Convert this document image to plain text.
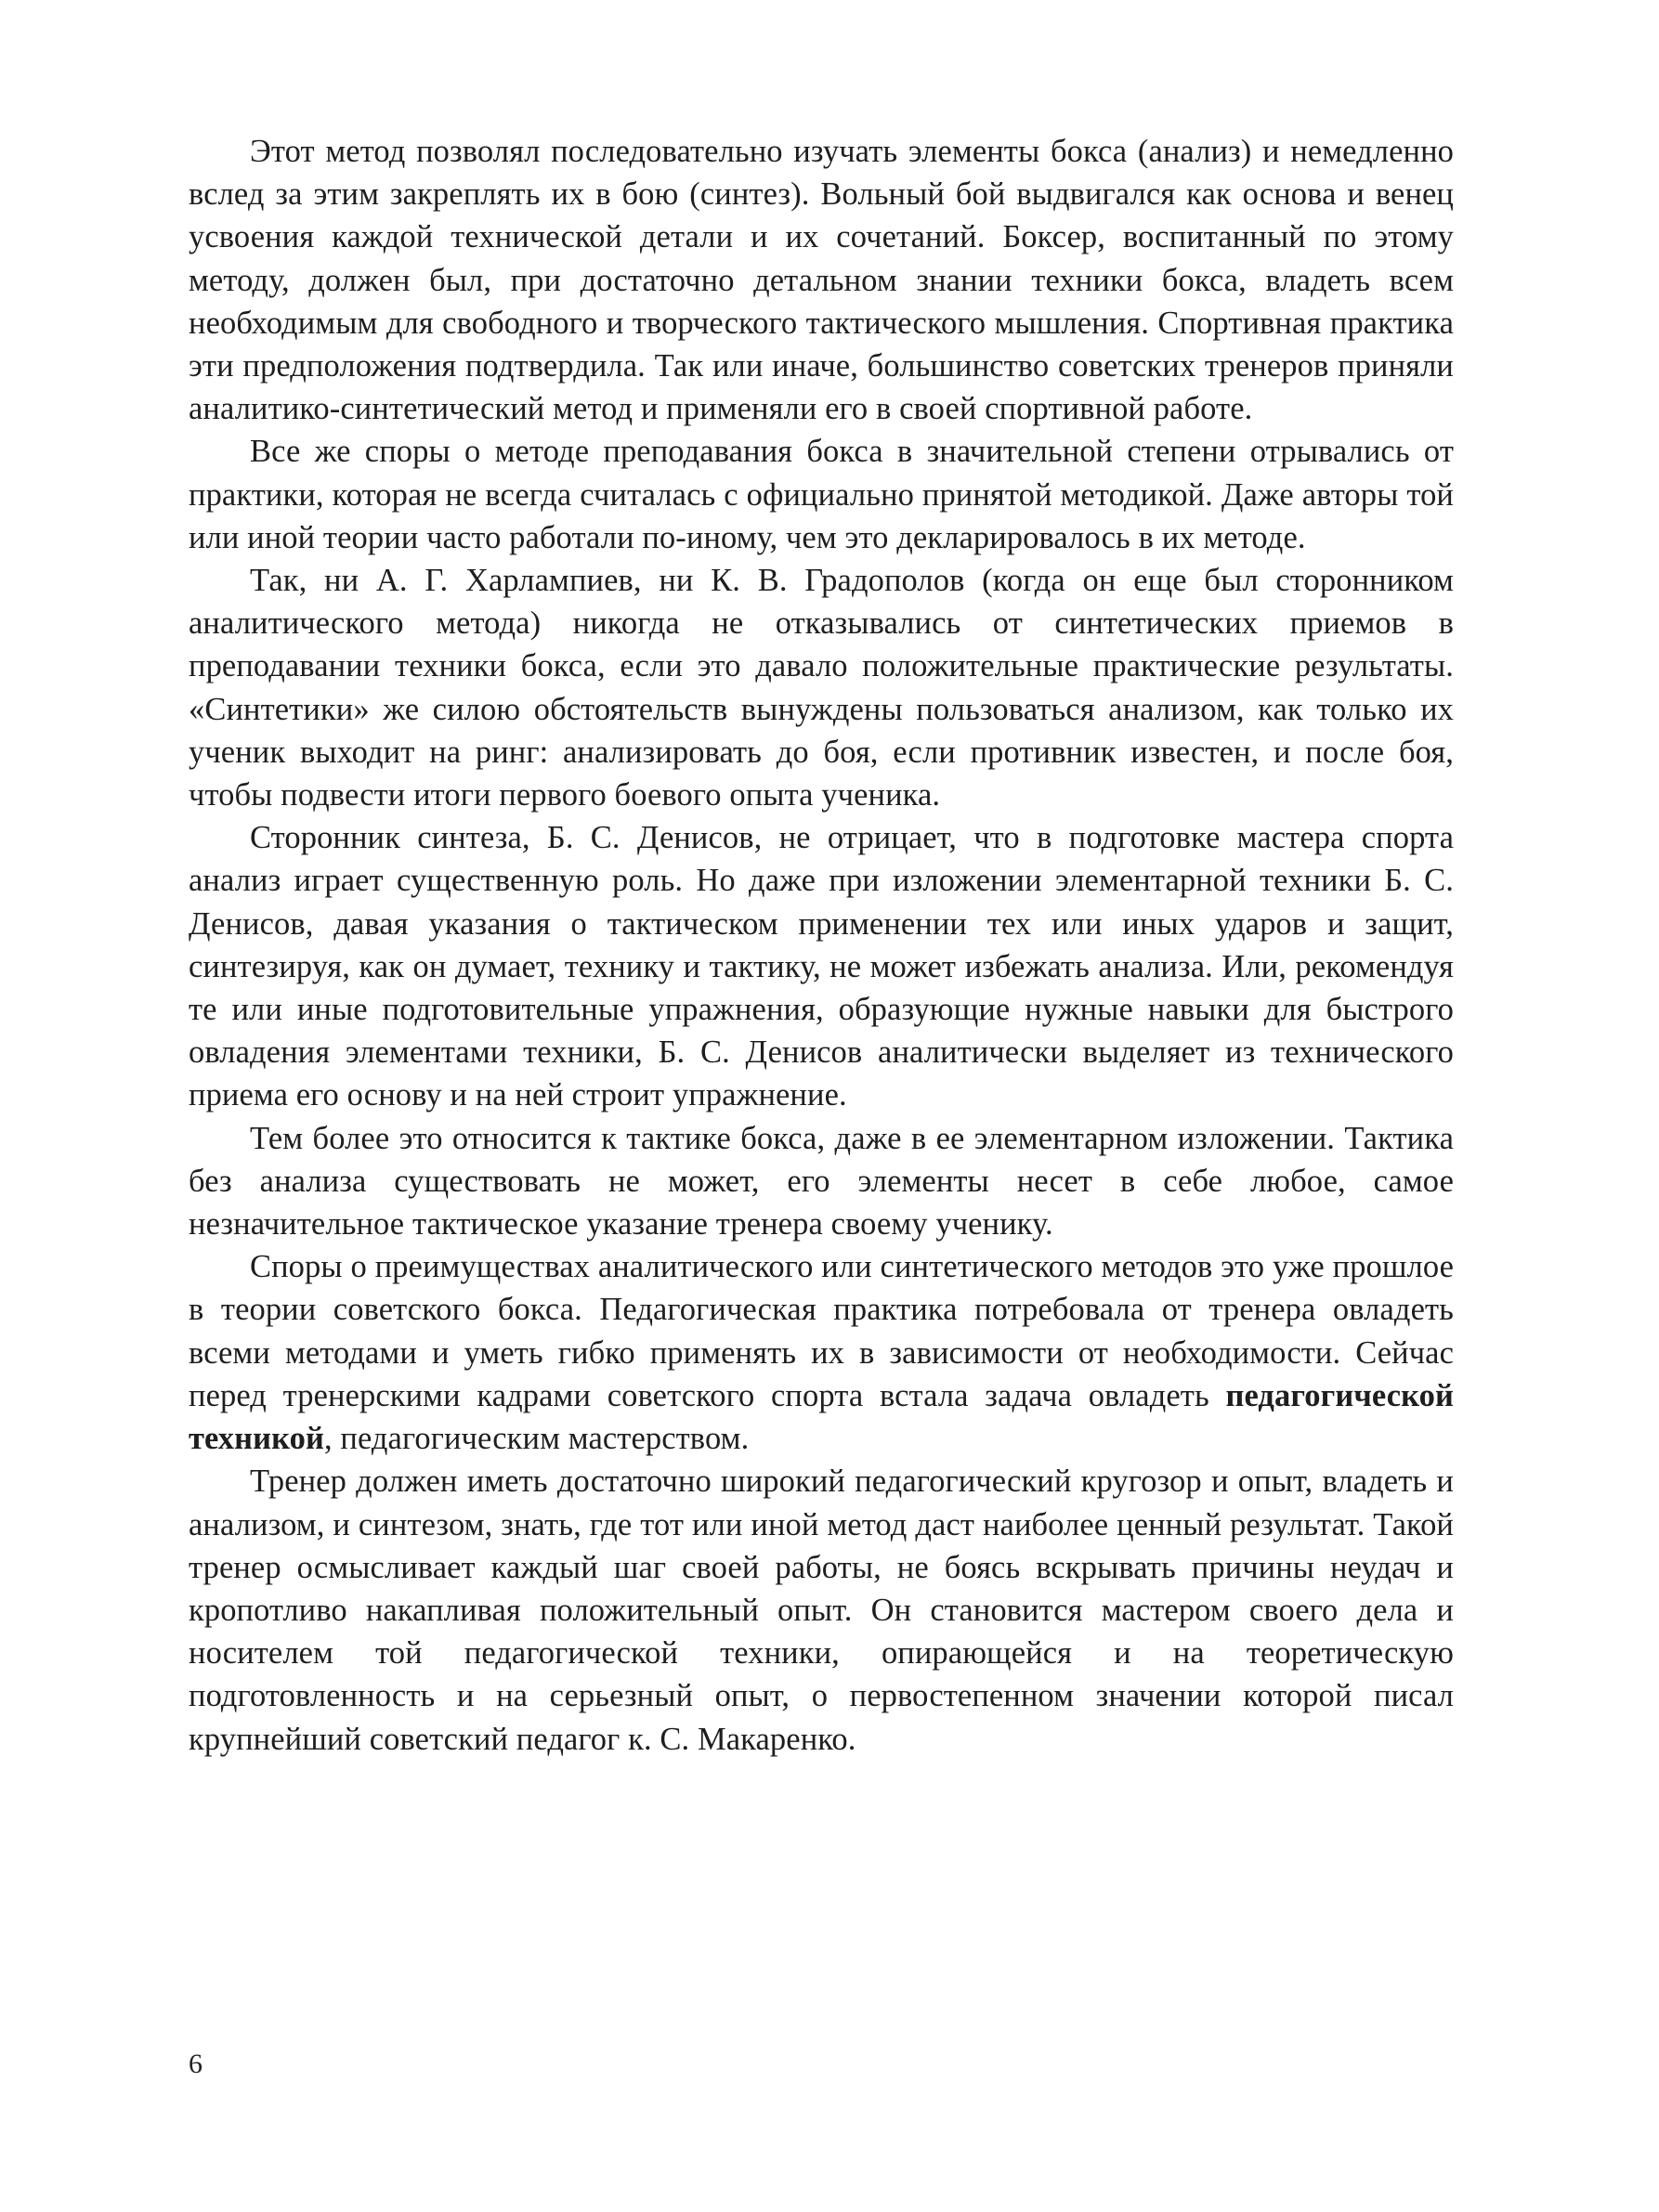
Этот метод позволял последовательно изучать элементы бокса (анализ) и немедленно вслед за этим закреплять их в бою (синтез). Вольный бой выдвигался как основа и венец усвоения каждой технической детали и их сочетаний. Боксер, воспитанный по этому методу, должен был, при достаточно детальном знании техники бокса, владеть всем необходимым для свободного и творческого тактического мышления. Спортивная практика эти предположения подтвердила. Так или иначе, большинство советских тренеров приняли аналитико-синтетический метод и применяли его в своей спортивной работе.

Все же споры о методе преподавания бокса в значительной степени отрывались от практики, которая не всегда считалась с официально принятой методикой. Даже авторы той или иной теории часто работали по-иному, чем это декларировалось в их методе.

Так, ни А. Г. Харлампиев, ни К. В. Градополов (когда он еще был сторонником аналитического метода) никогда не отказывались от синтетических приемов в преподавании техники бокса, если это давало положительные практические результаты. «Синтетики» же силою обстоятельств вынуждены пользоваться анализом, как только их ученик выходит на ринг: анализировать до боя, если противник известен, и после боя, чтобы подвести итоги первого боевого опыта ученика.

Сторонник синтеза, Б. С. Денисов, не отрицает, что в подготовке мастера спорта анализ играет существенную роль. Но даже при изложении элементарной техники Б. С. Денисов, давая указания о тактическом применении тех или иных ударов и защит, синтезируя, как он думает, технику и тактику, не может избежать анализа. Или, рекомендуя те или иные подготовительные упражнения, образующие нужные навыки для быстрого овладения элементами техники, Б. С. Денисов аналитически выделяет из технического приема его основу и на ней строит упражнение.

Тем более это относится к тактике бокса, даже в ее элементарном изложении. Тактика без анализа существовать не может, его элементы несет в себе любое, самое незначительное тактическое указание тренера своему ученику.

Споры о преимуществах аналитического или синтетического методов это уже прошлое в теории советского бокса. Педагогическая практика потребовала от тренера овладеть всеми методами и уметь гибко применять их в зависимости от необходимости. Сейчас перед тренерскими кадрами советского спорта встала задача овладеть педагогической техникой, педагогическим мастерством.

Тренер должен иметь достаточно широкий педагогический кругозор и опыт, владеть и анализом, и синтезом, знать, где тот или иной метод даст наиболее ценный результат. Такой тренер осмысливает каждый шаг своей работы, не боясь вскрывать причины неудач и кропотливо накапливая положительный опыт. Он становится мастером своего дела и носителем той педагогической техники, опирающейся и на теоретическую подготовленность и на серьезный опыт, о первостепенном значении которой писал крупнейший советский педагог к. С. Макаренко.

6
